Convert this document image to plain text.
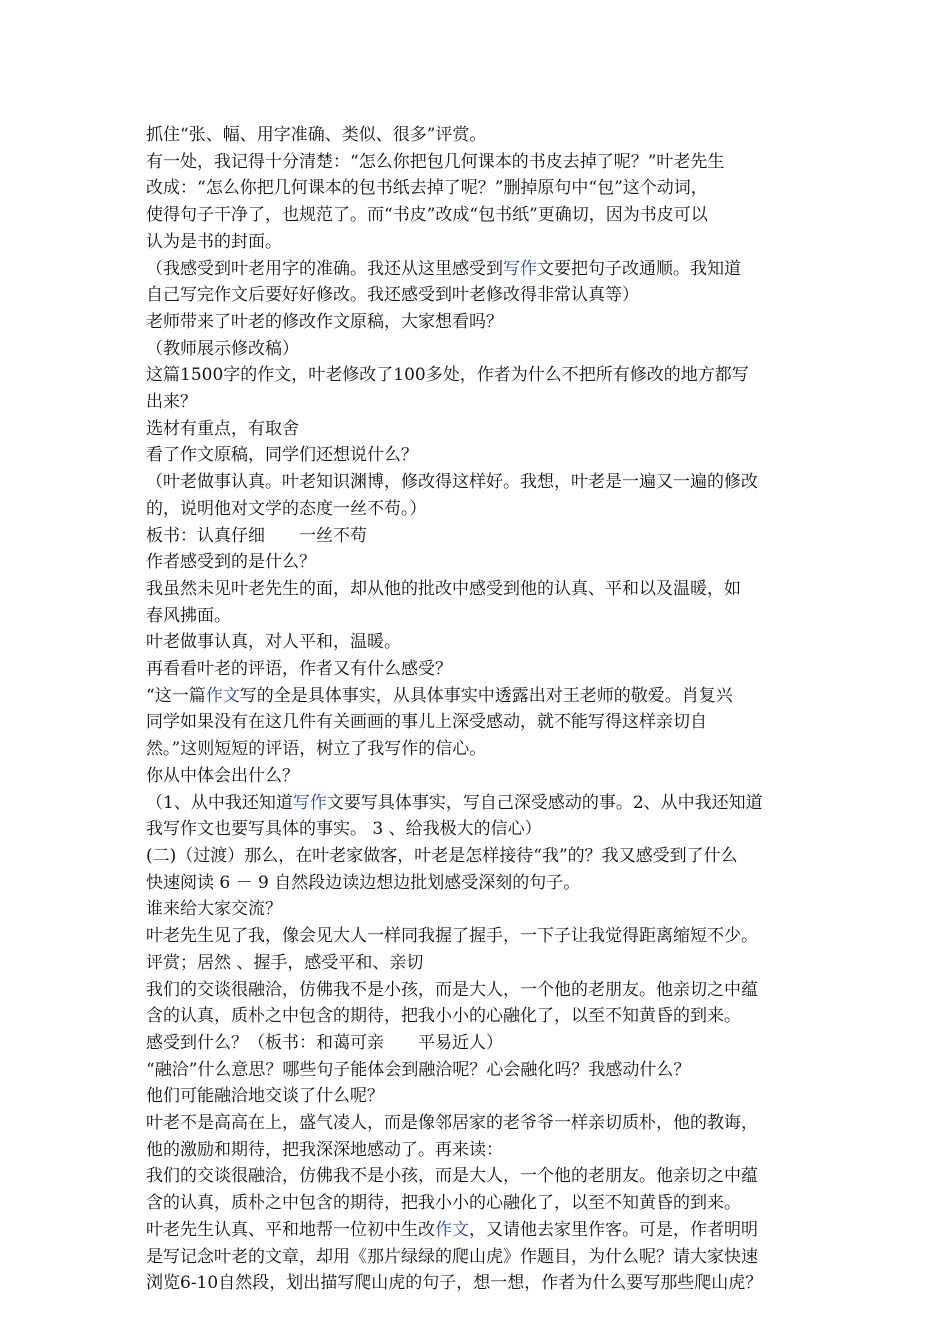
抓住“张、幅、用字准确、类似、很多”评赏。
有一处，我记得十分清楚：“怎么你把包几何课本的书皮去掉了呢？”叶老先生
改成：“怎么你把几何课本的包书纸去掉了呢？”删掉原句中“包”这个动词，
使得句子干净了，也规范了。而“书皮”改成“包书纸”更确切，因为书皮可以
认为是书的封面。
（我感受到叶老用字的准确。我还从这里感受到写作文要把句子改通顺。我知道
自己写完作文后要好好修改。我还感受到叶老修改得非常认真等）
老师带来了叶老的修改作文原稿，大家想看吗？
（教师展示修改稿）
这篇1500字的作文，叶老修改了100多处，作者为什么不把所有修改的地方都写
出来？
选材有重点，有取舍
看了作文原稿，同学们还想说什么？
（叶老做事认真。叶老知识渊博，修改得这样好。我想，叶老是一遍又一遍的修改
的，说明他对文学的态度一丝不苟。）
板书：认真仔细 一丝不苟
作者感受到的是什么？
我虽然未见叶老先生的面，却从他的批改中感受到他的认真、平和以及温暖，如
春风拂面。
叶老做事认真，对人平和，温暖。
再看看叶老的评语，作者又有什么感受？
“这一篇作文写的全是具体事实，从具体事实中透露出对王老师的敬爱。肖复兴
同学如果没有在这几件有关画画的事儿上深受感动，就不能写得这样亲切自
然。”这则短短的评语，树立了我写作的信心。
你从中体会出什么？
（1、从中我还知道写作文要写具体事实，写自己深受感动的事。2、从中我还知道
我写作文也要写具体的事实。 3 、给我极大的信心）
(二)（过渡）那么，在叶老家做客，叶老是怎样接待“我”的？我又感受到了什么
快速阅读 6 － 9 自然段边读边想边批划感受深刻的句子。
谁来给大家交流？
叶老先生见了我，像会见大人一样同我握了握手，一下子让我觉得距离缩短不少。
评赏；居然 、握手，感受平和、亲切
我们的交谈很融洽，仿佛我不是小孩，而是大人，一个他的老朋友。他亲切之中蕴
含的认真，质朴之中包含的期待，把我小小的心融化了，以至不知黄昏的到来。
感受到什么？（板书：和蔼可亲 平易近人）
“融洽”什么意思？哪些句子能体会到融洽呢？心会融化吗？我感动什么？
他们可能融洽地交谈了什么呢？
叶老不是高高在上，盛气凌人，而是像邻居家的老爷爷一样亲切质朴，他的教诲，
他的激励和期待，把我深深地感动了。再来读：
我们的交谈很融洽，仿佛我不是小孩，而是大人，一个他的老朋友。他亲切之中蕴
含的认真，质朴之中包含的期待，把我小小的心融化了，以至不知黄昏的到来。
叶老先生认真、平和地帮一位初中生改作文，又请他去家里作客。可是，作者明明
是写记念叶老的文章，却用《那片绿绿的爬山虎》作题目，为什么呢？请大家快速
浏览6-10自然段，划出描写爬山虎的句子，想一想，作者为什么要写那些爬山虎？
